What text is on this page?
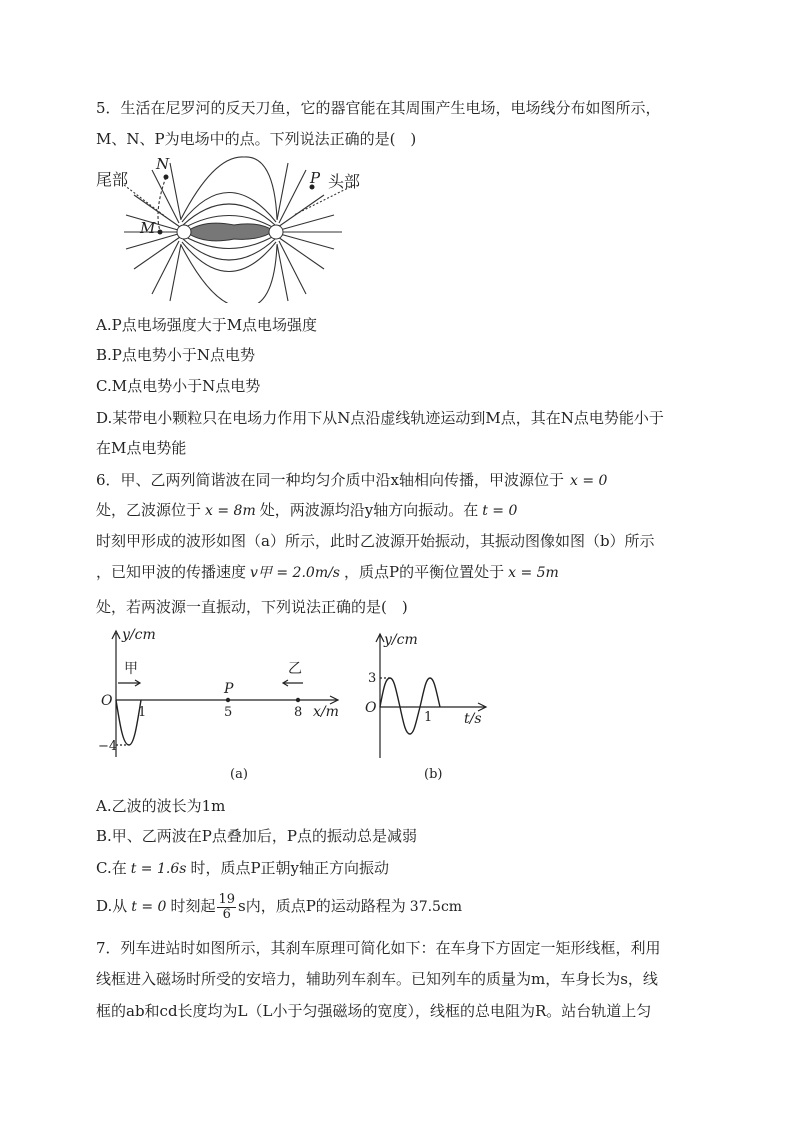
5．生活在尼罗河的反天刀鱼，它的器官能在其周围产生电场，电场线分布如图所示，
M、N、P为电场中的点。下列说法正确的是(　)
尾部
M
N
P 头部
A.P点电场强度大于M点电场强度
B.P点电势小于N点电势
C.M点电势小于N点电势
D.某带电小颗粒只在电场力作用下从N点沿虚线轨迹运动到M点，其在N点电势能小于
在M点电势能
6．甲、乙两列简谐波在同一种均匀介质中沿x轴相向传播，甲波源位于 x = 0
处，乙波源位于 x = 8m 处，两波源均沿y轴方向振动。在 t = 0
时刻甲形成的波形如图（a）所示，此时乙波源开始振动，其振动图像如图（b）所示
，已知甲波的传播速度 v甲 = 2.0m/s ，质点P的平衡位置处于 x = 5m
处，若两波源一直振动，下列说法正确的是(　)
y/cm
甲	乙
P
O
1	5	8 x/m
−4
(a)
y/cm
3
O
1 t/s
(b)
A.乙波的波长为1m
B.甲、乙两波在P点叠加后，P点的振动总是减弱
C.在 t = 1.6s 时，质点P正朝y轴正方向振动
D.从 t = 0 时刻起 $\frac{19}{6}$ s内，质点P的运动路程为 37.5cm
7．列车进站时如图所示，其刹车原理可简化如下：在车身下方固定一矩形线框，利用
线框进入磁场时所受的安培力，辅助列车刹车。已知列车的质量为m，车身长为s，线
框的ab和cd长度均为L（L小于匀强磁场的宽度），线框的总电阻为R。站台轨道上匀
